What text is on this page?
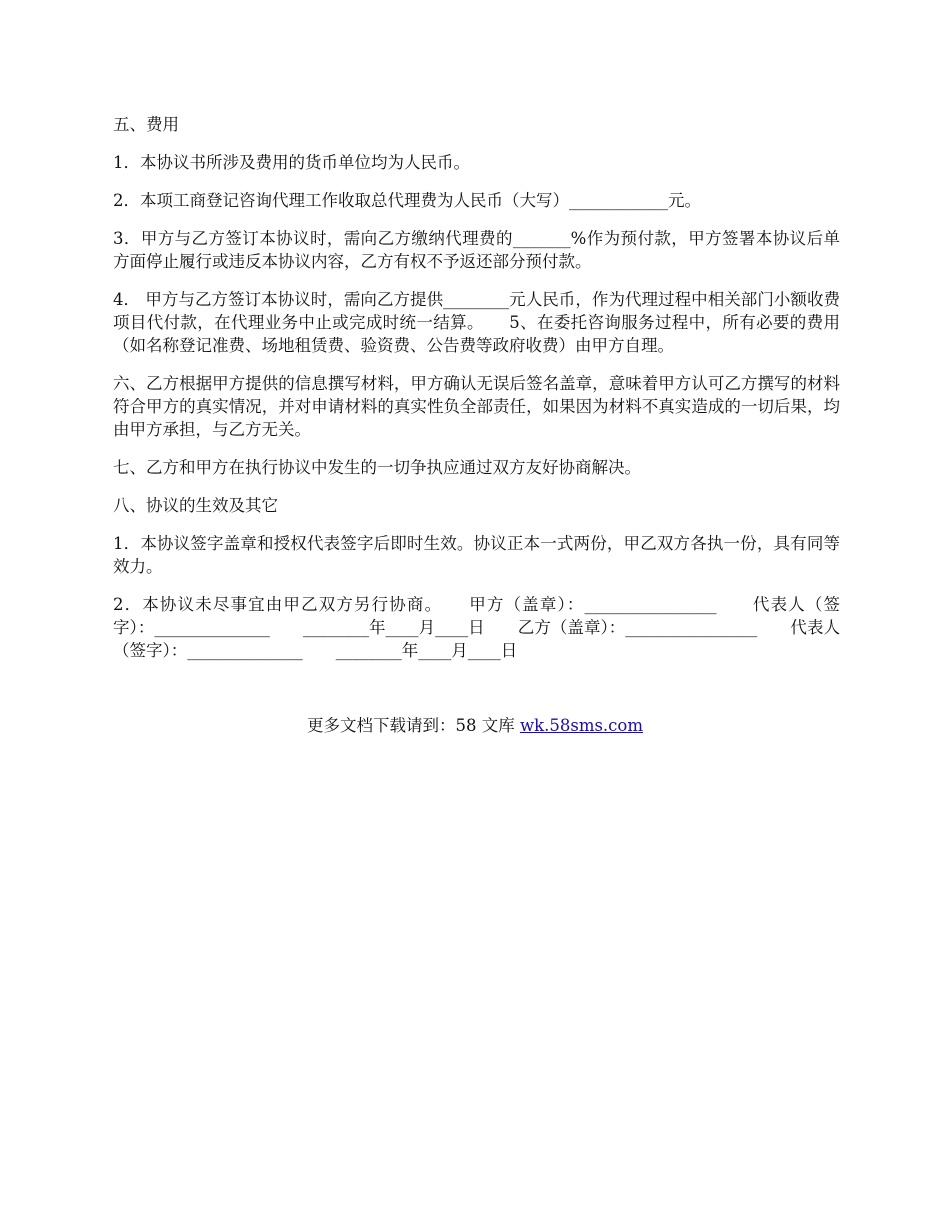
五、费用

1．本协议书所涉及费用的货币单位均为人民币。

2．本项工商登记咨询代理工作收取总代理费为人民币（大写）____________元。

3．甲方与乙方签订本协议时，需向乙方缴纳代理费的_______%作为预付款，甲方签署本协议后单方面停止履行或违反本协议内容，乙方有权不予返还部分预付款。

4． 甲方与乙方签订本协议时，需向乙方提供________元人民币，作为代理过程中相关部门小额收费项目代付款，在代理业务中止或完成时统一结算。　　5、在委托咨询服务过程中，所有必要的费用（如名称登记准费、场地租赁费、验资费、公告费等政府收费）由甲方自理。

六、乙方根据甲方提供的信息撰写材料，甲方确认无误后签名盖章，意味着甲方认可乙方撰写的材料符合甲方的真实情况，并对申请材料的真实性负全部责任，如果因为材料不真实造成的一切后果，均由甲方承担，与乙方无关。

七、乙方和甲方在执行协议中发生的一切争执应通过双方友好协商解决。

八、协议的生效及其它

1．本协议签字盖章和授权代表签字后即时生效。协议正本一式两份，甲乙双方各执一份，具有同等效力。

2．本协议未尽事宜由甲乙双方另行协商。　　甲方（盖章）：________________　　代表人（签字）：______________　　________年____月____日　　乙方（盖章）：________________　　代表人（签字）：______________　　________年____月____日

更多文档下载请到：58 文库 wk.58sms.com
